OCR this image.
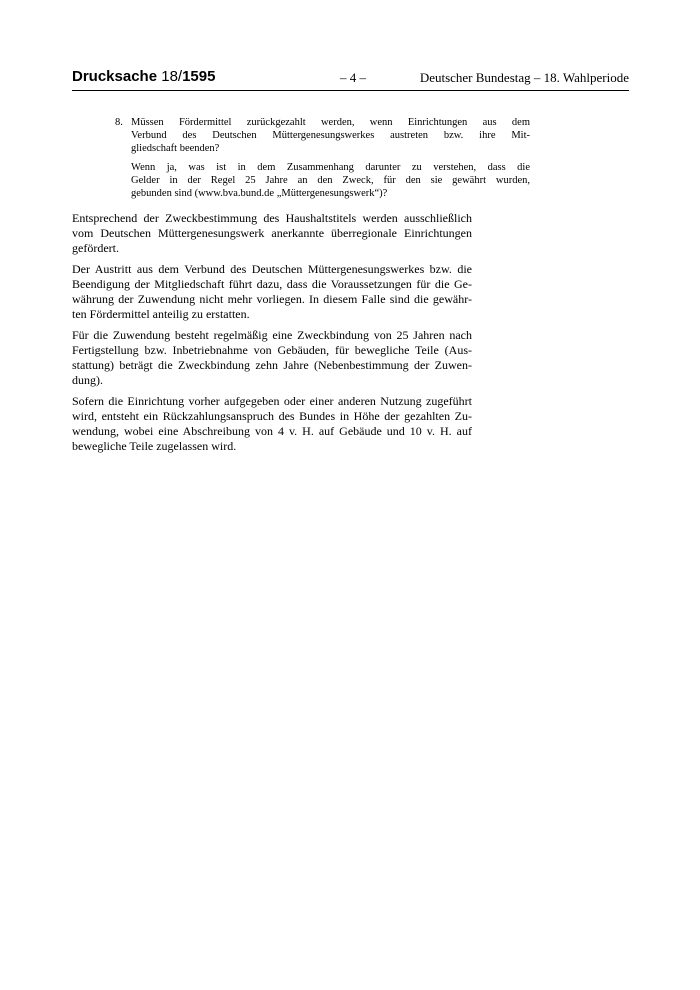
Drucksache 18/1595	– 4 –	Deutscher Bundestag – 18. Wahlperiode
8. Müssen Fördermittel zurückgezahlt werden, wenn Einrichtungen aus dem
Verbund des Deutschen Müttergenesungswerkes austreten bzw. ihre Mit-
gliedschaft beenden?
Wenn ja, was ist in dem Zusammenhang darunter zu verstehen, dass die
Gelder in der Regel 25 Jahre an den Zweck, für den sie gewährt wurden,
gebunden sind (www.bva.bund.de „Müttergenesungswerk“)?

Entsprechend der Zweckbestimmung des Haushaltstitels werden ausschließlich
vom Deutschen Müttergenesungswerk anerkannte überregionale Einrichtungen
gefördert.

Der Austritt aus dem Verbund des Deutschen Müttergenesungswerkes bzw. die
Beendigung der Mitgliedschaft führt dazu, dass die Voraussetzungen für die Ge-
währung der Zuwendung nicht mehr vorliegen. In diesem Falle sind die gewähr-
ten Fördermittel anteilig zu erstatten.

Für die Zuwendung besteht regelmäßig eine Zweckbindung von 25 Jahren nach
Fertigstellung bzw. Inbetriebnahme von Gebäuden, für bewegliche Teile (Aus-
stattung) beträgt die Zweckbindung zehn Jahre (Nebenbestimmung der Zuwen-
dung).

Sofern die Einrichtung vorher aufgegeben oder einer anderen Nutzung zugeführt
wird, entsteht ein Rückzahlungsanspruch des Bundes in Höhe der gezahlten Zu-
wendung, wobei eine Abschreibung von 4 v. H. auf Gebäude und 10 v. H. auf
bewegliche Teile zugelassen wird.
